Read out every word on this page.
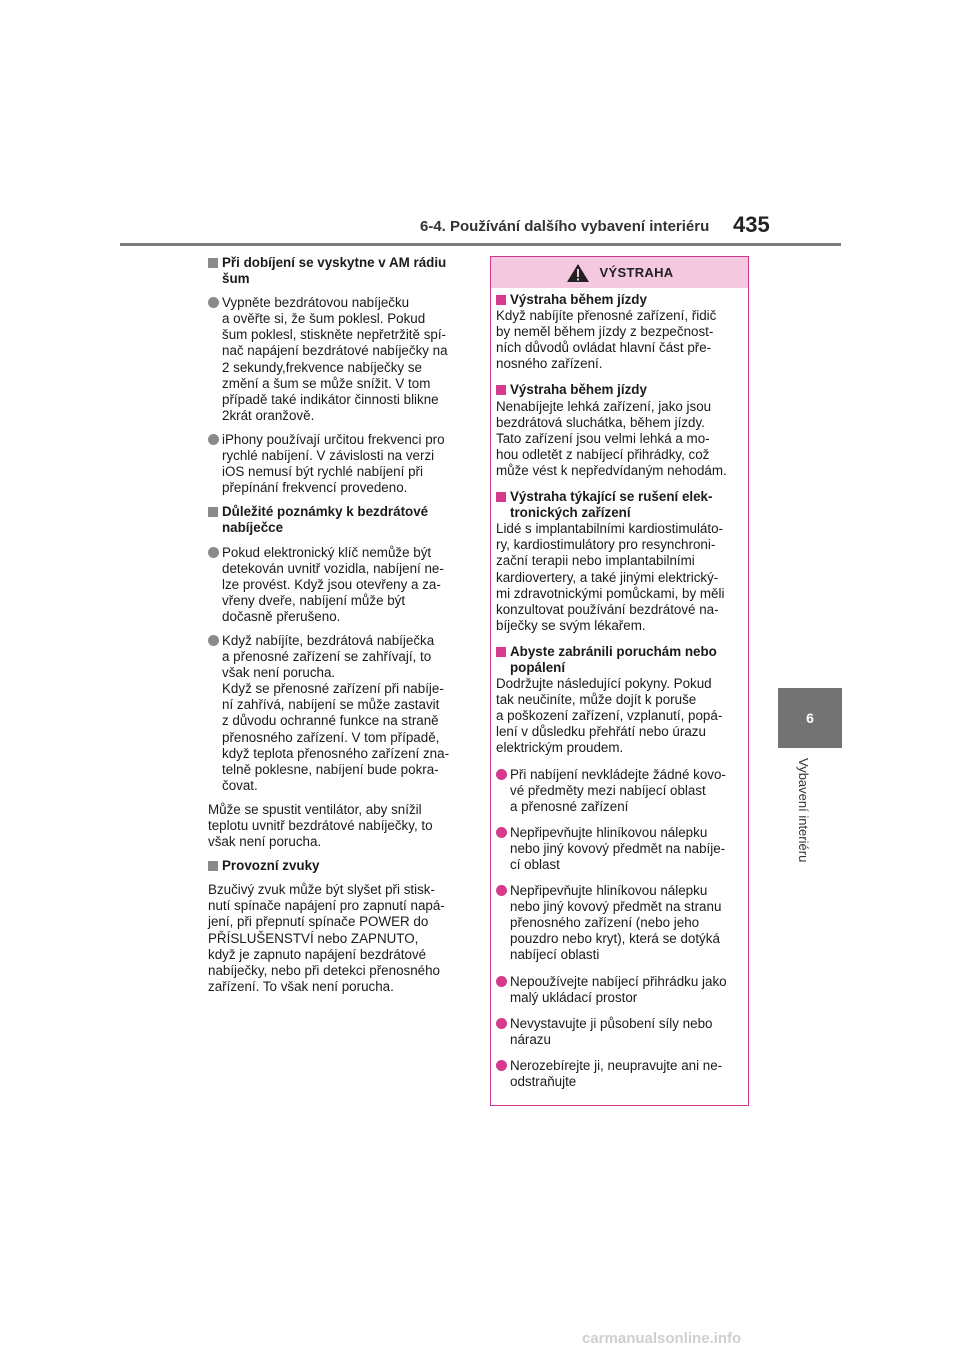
6-4. Používání dalšího vybavení interiéru 435
6
Vybavení interiéru
Při dobíjení se vyskytne v AM rádiu šum
Vypněte bezdrátovou nabíječku
a ověřte si, že šum poklesl. Pokud
šum poklesl, stiskněte nepřetržitě spí-
nač napájení bezdrátové nabíječky na
2 sekundy,frekvence nabíječky se
změní a šum se může snížit. V tom
případě také indikátor činnosti blikne
2krát oranžově.
iPhony používají určitou frekvenci pro
rychlé nabíjení. V závislosti na verzi
iOS nemusí být rychlé nabíjení při
přepínání frekvencí provedeno.
Důležité poznámky k bezdrátové
nabíječce
Pokud elektronický klíč nemůže být
detekován uvnitř vozidla, nabíjení ne-
lze provést. Když jsou otevřeny a za-
vřeny dveře, nabíjení může být
dočasně přerušeno.
Když nabíjíte, bezdrátová nabíječka
a přenosné zařízení se zahřívají, to
však není porucha.
Když se přenosné zařízení při nabíje-
ní zahřívá, nabíjení se může zastavit
z důvodu ochranné funkce na straně
přenosného zařízení. V tom případě,
když teplota přenosného zařízení zna-
telně poklesne, nabíjení bude pokra-
čovat.
Může se spustit ventilátor, aby snížil
teplotu uvnitř bezdrátové nabíječky, to
však není porucha.
Provozní zvuky
Bzučivý zvuk může být slyšet při stisk-
nutí spínače napájení pro zapnutí napá-
jení, při přepnutí spínače POWER do
PŘÍSLUŠENSTVÍ nebo ZAPNUTO,
když je zapnuto napájení bezdrátové
nabíječky, nebo při detekci přenosného
zařízení. To však není porucha.
VÝSTRAHA
Výstraha během jízdy
Když nabíjíte přenosné zařízení, řidič
by neměl během jízdy z bezpečnost-
ních důvodů ovládat hlavní část pře-
nosného zařízení.
Výstraha během jízdy
Nenabíjejte lehká zařízení, jako jsou
bezdrátová sluchátka, během jízdy.
Tato zařízení jsou velmi lehká a mo-
hou odletět z nabíjecí přihrádky, což
může vést k nepředvídaným nehodám.
Výstraha týkající se rušení elek-
tronických zařízení
Lidé s implantabilními kardiostimuláto-
ry, kardiostimulátory pro resynchroni-
zační terapii nebo implantabilními
kardiovertery, a také jinými elektrický-
mi zdravotnickými pomůckami, by měli
konzultovat používání bezdrátové na-
bíječky se svým lékařem.
Abyste zabránili poruchám nebo
popálení
Dodržujte následující pokyny. Pokud
tak neučiníte, může dojít k poruše
a poškození zařízení, vzplanutí, popá-
lení v důsledku přehřátí nebo úrazu
elektrickým proudem.
Při nabíjení nevkládejte žádné kovo-
vé předměty mezi nabíjecí oblast
a přenosné zařízení
Nepřipevňujte hliníkovou nálepku
nebo jiný kovový předmět na nabíje-
cí oblast
Nepřipevňujte hliníkovou nálepku
nebo jiný kovový předmět na stranu
přenosného zařízení (nebo jeho
pouzdro nebo kryt), která se dotýká
nabíjecí oblasti
Nepoužívejte nabíjecí přihrádku jako
malý ukládací prostor
Nevystavujte ji působení síly nebo
nárazu
Nerozebírejte ji, neupravujte ani ne-
odstraňujte
carmanualsonline.info
